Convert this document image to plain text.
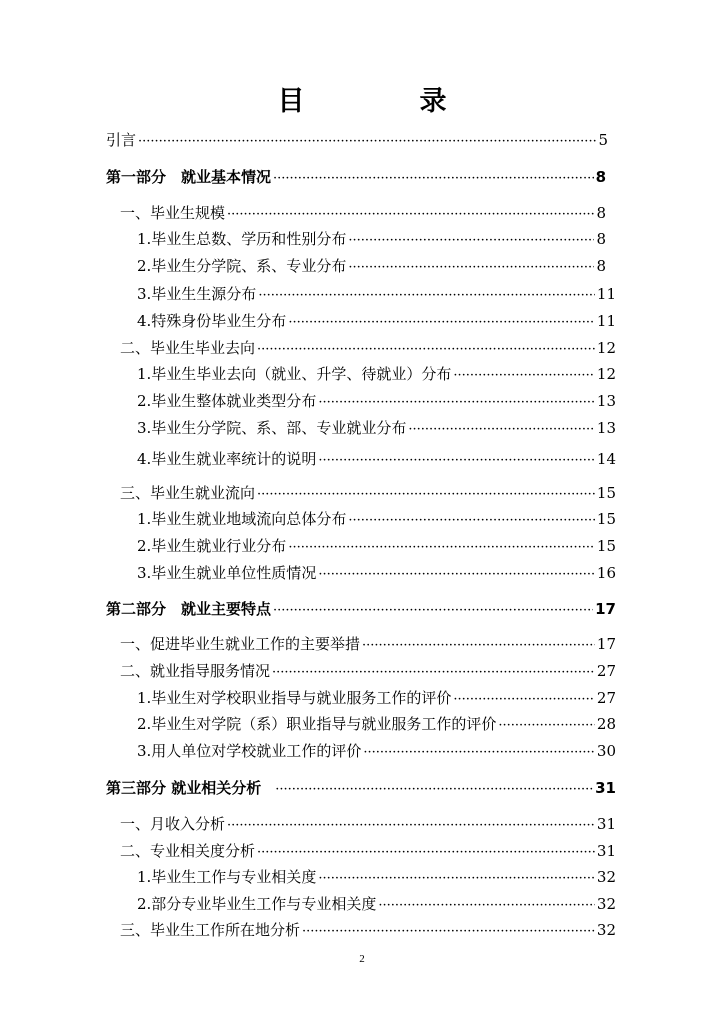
目　录
引言 ·····	5
第一部分　就业基本情况 ·····	8
一、毕业生规模 ·····	8
1.毕业生总数、学历和性别分布 ·····	8
2.毕业生分学院、系、专业分布 ·····	8
3.毕业生生源分布 ·····	11
4.特殊身份毕业生分布 ·····	11
二、毕业生毕业去向 ·····	12
1.毕业生毕业去向（就业、升学、待就业）分布 ·····	12
2.毕业生整体就业类型分布 ·····	13
3.毕业生分学院、系、部、专业就业分布 ·····	13
4.毕业生就业率统计的说明 ·····	14
三、毕业生就业流向 ·····	15
1.毕业生就业地域流向总体分布 ·····	15
2.毕业生就业行业分布 ·····	15
3.毕业生就业单位性质情况 ·····	16
第二部分　就业主要特点 ·····	17
一、促进毕业生就业工作的主要举措 ·····	17
二、就业指导服务情况 ·····	27
1.毕业生对学校职业指导与就业服务工作的评价 ·····	27
2.毕业生对学院（系）职业指导与就业服务工作的评价 ·····	28
3.用人单位对学校就业工作的评价 ·····	30
第三部分 就业相关分析 ·····	31
一、月收入分析 ·····	31
二、专业相关度分析 ·····	31
1.毕业生工作与专业相关度 ·····	32
2.部分专业毕业生工作与专业相关度 ·····	32
三、毕业生工作所在地分析 ·····	32
2
